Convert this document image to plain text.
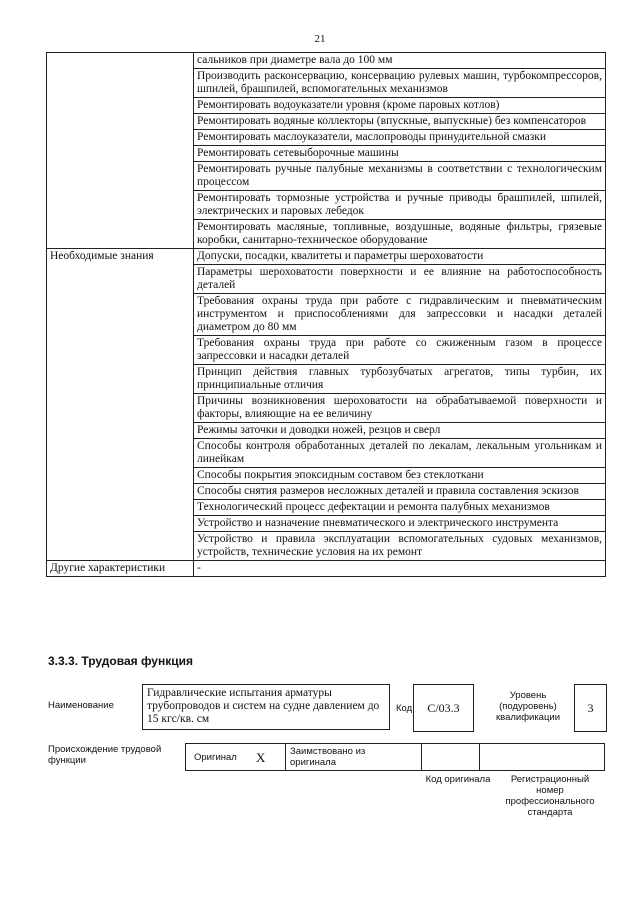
21
	сальников при диаметре вала до 100 мм
	Производить расконсервацию, консервацию рулевых машин, турбокомпрессоров, шпилей, брашпилей, вспомогательных механизмов
	Ремонтировать водоуказатели уровня (кроме паровых котлов)
	Ремонтировать водяные коллекторы (впускные, выпускные) без компенсаторов
	Ремонтировать маслоуказатели, маслопроводы принудительной смазки
	Ремонтировать сетевыборочные машины
	Ремонтировать ручные палубные механизмы в соответствии с технологическим процессом
	Ремонтировать тормозные устройства и ручные приводы брашпилей, шпилей, электрических и паровых лебедок
	Ремонтировать масляные, топливные, воздушные, водяные фильтры, грязевые коробки, санитарно-техническое оборудование
Необходимые знания	Допуски, посадки, квалитеты и параметры шероховатости
	Параметры шероховатости поверхности и ее влияние на работоспособность деталей
	Требования охраны труда при работе с гидравлическим и пневматическим инструментом и приспособлениями для запрессовки и насадки деталей диаметром до 80 мм
	Требования охраны труда при работе со сжиженным газом в процессе запрессовки и насадки деталей
	Принцип действия главных турбозубчатых агрегатов, типы турбин, их принципиальные отличия
	Причины возникновения шероховатости на обрабатываемой поверхности и факторы, влияющие на ее величину
	Режимы заточки и доводки ножей, резцов и сверл
	Способы контроля обработанных деталей по лекалам, лекальным угольникам и линейкам
	Способы покрытия эпоксидным составом без стеклоткани
	Способы снятия размеров несложных деталей и правила составления эскизов
	Технологический процесс дефектации и ремонта палубных механизмов
	Устройство и назначение пневматического и электрического инструмента
	Устройство и правила эксплуатации вспомогательных судовых механизмов, устройств, технические условия на их ремонт
Другие характеристики	-
3.3.3. Трудовая функция
Наименование
Гидравлические испытания арматуры трубопроводов и систем на судне давлением до 15 кгс/кв. см
Код	С/03.3
Уровень (подуровень) квалификации
3
Происхождение трудовой функции	Оригинал X	Заимствовано из оригинала
Код оригинала	Регистрационный номер профессионального стандарта
